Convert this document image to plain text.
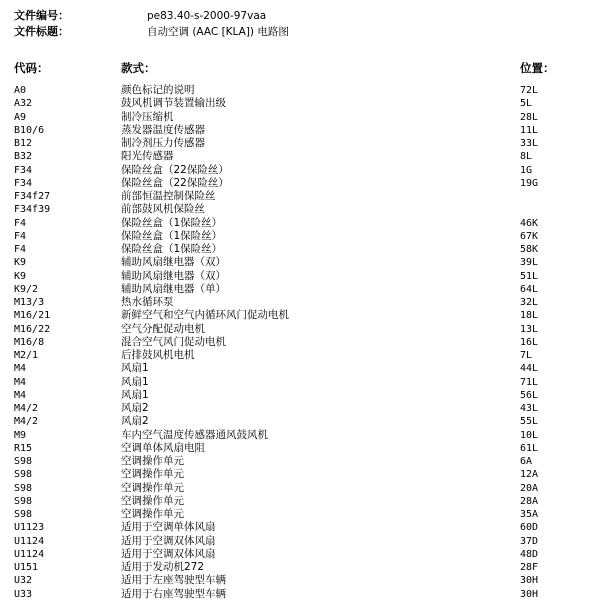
文件编号：	pe83.40-s-2000-97vaa
文件标题：	自动空调 (AAC [KLA]) 电路图
代码：	款式：	位置：
A0	颜色标记的说明	72L
A32	鼓风机调节装置输出级	5L
A9	制冷压缩机	28L
B10/6	蒸发器温度传感器	11L
B12	制冷剂压力传感器	33L
B32	阳光传感器	8L
F34	保险丝盒（22保险丝）	1G
F34	保险丝盒（22保险丝）	19G
F34f27	前部恒温控制保险丝
F34f39	前部鼓风机保险丝
F4	保险丝盒（1保险丝）	46K
F4	保险丝盒（1保险丝）	67K
F4	保险丝盒（1保险丝）	58K
K9	辅助风扇继电器（双）	39L
K9	辅助风扇继电器（双）	51L
K9/2	辅助风扇继电器（单）	64L
M13/3	热水循环泵	32L
M16/21	新鲜空气和空气内循环风门促动电机	18L
M16/22	空气分配促动电机	13L
M16/8	混合空气风门促动电机	16L
M2/1	后排鼓风机电机	7L
M4	风扇1	44L
M4	风扇1	71L
M4	风扇1	56L
M4/2	风扇2	43L
M4/2	风扇2	55L
M9	车内空气温度传感器通风鼓风机	10L
R15	空调单体风扇电阻	61L
S98	空调操作单元	6A
S98	空调操作单元	12A
S98	空调操作单元	20A
S98	空调操作单元	28A
S98	空调操作单元	35A
U1123	适用于空调单体风扇	60D
U1124	适用于空调双体风扇	37D
U1124	适用于空调双体风扇	48D
U151	适用于发动机272	28F
U32	适用于左座驾驶型车辆	30H
U33	适用于右座驾驶型车辆	30H
